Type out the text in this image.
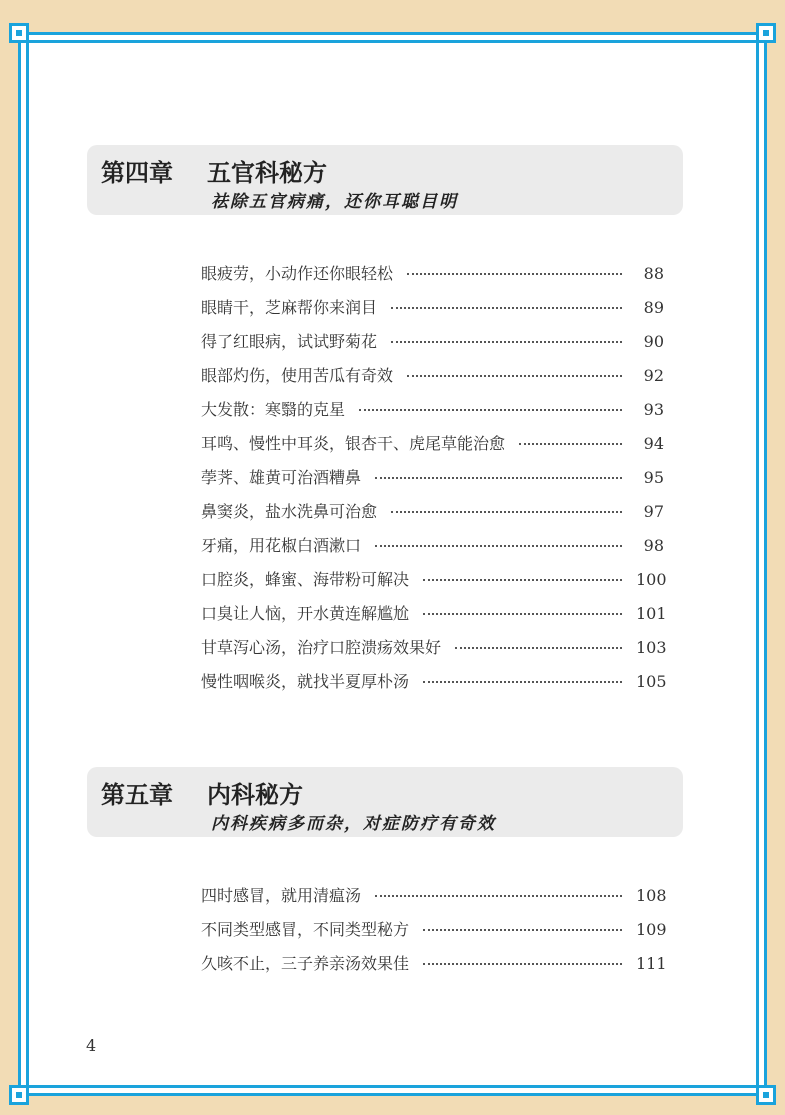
第四章 五官科秘方
祛除五官病痛，还你耳聪目明
眼疲劳，小动作还你眼轻松	88
眼睛干，芝麻帮你来润目	89
得了红眼病，试试野菊花	90
眼部灼伤，使用苦瓜有奇效	92
大发散：寒翳的克星	93
耳鸣、慢性中耳炎，银杏干、虎尾草能治愈	94
荸荠、雄黄可治酒糟鼻	95
鼻窦炎，盐水洗鼻可治愈	97
牙痛，用花椒白酒漱口	98
口腔炎，蜂蜜、海带粉可解决	100
口臭让人恼，开水黄连解尴尬	101
甘草泻心汤，治疗口腔溃疡效果好	103
慢性咽喉炎，就找半夏厚朴汤	105
第五章 内科秘方
内科疾病多而杂，对症防疗有奇效
四时感冒，就用清瘟汤	108
不同类型感冒，不同类型秘方	109
久咳不止，三子养亲汤效果佳	111
4
